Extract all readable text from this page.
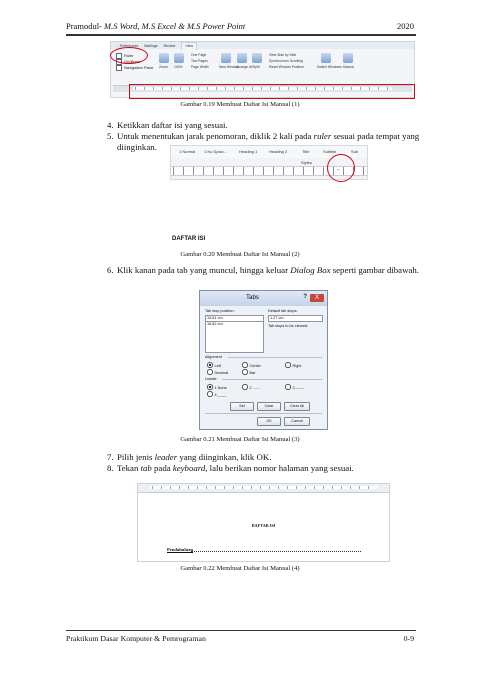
Pramodul- M.S Word, M.S Excel & M.S Power Point	2020
...References Mailings Review	View
Ruler
Gridlines
Navigation Pane Zoom 100%
One Page
Two Pages
Page Width	New Window
Arrange All Split
View Side by Side
Synchronous Scrolling
Reset Window Position	Switch Windows Macros
Gambar 0.19 Membuat Daftar Isi Manual (1)
4. Ketikkan daftar isi yang sesuai.
5. Untuk menentukan jarak penomoran, diklik 2 kali pada ruler sesuai pada tempat yang
diinginkan.	1 Normal 1 No Spaci...	Heading 1	Heading 2	Title	Subtitle	Sub
Styles
⌐
DAFTAR ISI
Gambar 0.20 Membuat Daftar Isi Manual (2)
6. Klik kanan pada tab yang muncul, hingga keluar Dialog Box seperti gambar dibawah.
Tabs	?	X
Tab stop position:
15.61 cm
16.62 cm
Default tab stops:
1.27 cm
Tab stops to be cleared:
Alignment
Left	Center	Right
Decimal	Bar
Leader
1 None	2 .......	3 -------
4 ____
Set	Clear	Clear All
OK	Cancel
Gambar 0.21 Membuat Daftar Isi Manual (3)
7. Pilih jenis leader yang diinginkan, klik OK.
8. Tekan tab pada keyboard, lalu berikan nomor halaman yang sesuai.
DAFTAR ISI
Pendahuluan
Gambar 0.22 Membuat Daftar Isi Manual (4)
Praktikum Dasar Komputer & Pemrograman	0-9
